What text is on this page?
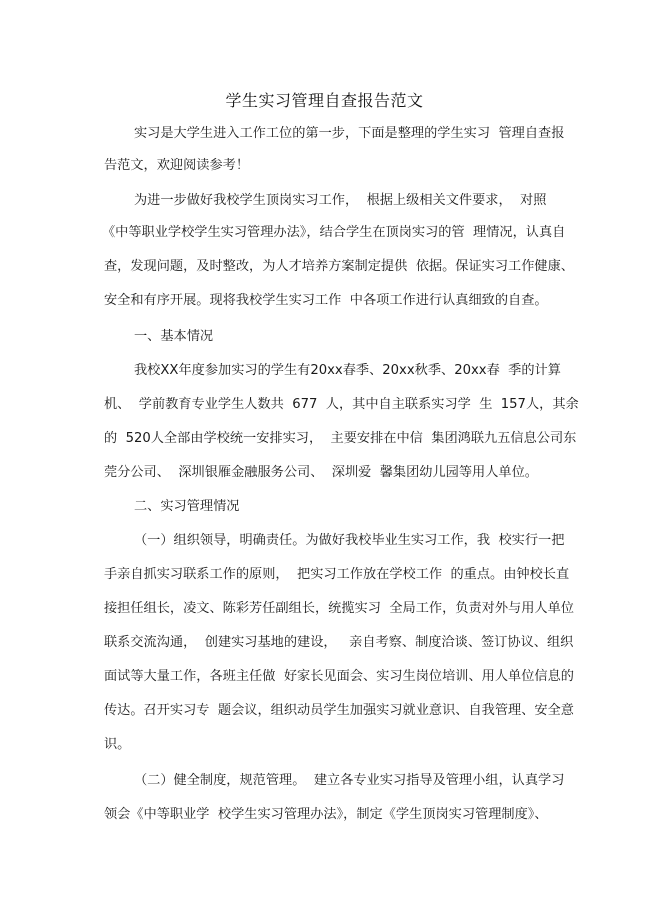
学生实习管理自查报告范文
实习是大学生进入工作工位的第一步，下面是整理的学生实习  管理自查报
告范文，欢迎阅读参考！
为进一步做好我校学生顶岗实习工作，  根据上级相关文件要求，  对照
《中等职业学校学生实习管理办法》，结合学生在顶岗实习的管  理情况，认真自
查，发现问题，及时整改，为人才培养方案制定提供  依据。保证实习工作健康、
安全和有序开展。现将我校学生实习工作  中各项工作进行认真细致的自查。
一、基本情况
我校XX年度参加实习的学生有20xx春季、20xx秋季、20xx春  季的计算
机、  学前教育专业学生人数共  677  人，其中自主联系实习学  生  157人，其余
的  520人全部由学校统一安排实习，  主要安排在中信  集团鸿联九五信息公司东
莞分公司、  深圳银雁金融服务公司、  深圳爱  馨集团幼儿园等用人单位。
二、实习管理情况
（一）组织领导，明确责任。为做好我校毕业生实习工作，我  校实行一把
手亲自抓实习联系工作的原则，  把实习工作放在学校工作  的重点。由钟校长直
接担任组长，凌文、陈彩芳任副组长，统揽实习  全局工作，负责对外与用人单位
联系交流沟通，  创建实习基地的建设，   亲自考察、制度洽谈、签订协议、组织
面试等大量工作，各班主任做  好家长见面会、实习生岗位培训、用人单位信息的
传达。召开实习专  题会议，组织动员学生加强实习就业意识、自我管理、安全意
识。
（二）健全制度，规范管理。  建立各专业实习指导及管理小组，认真学习
领会《中等职业学  校学生实习管理办法》，制定《学生顶岗实习管理制度》、
